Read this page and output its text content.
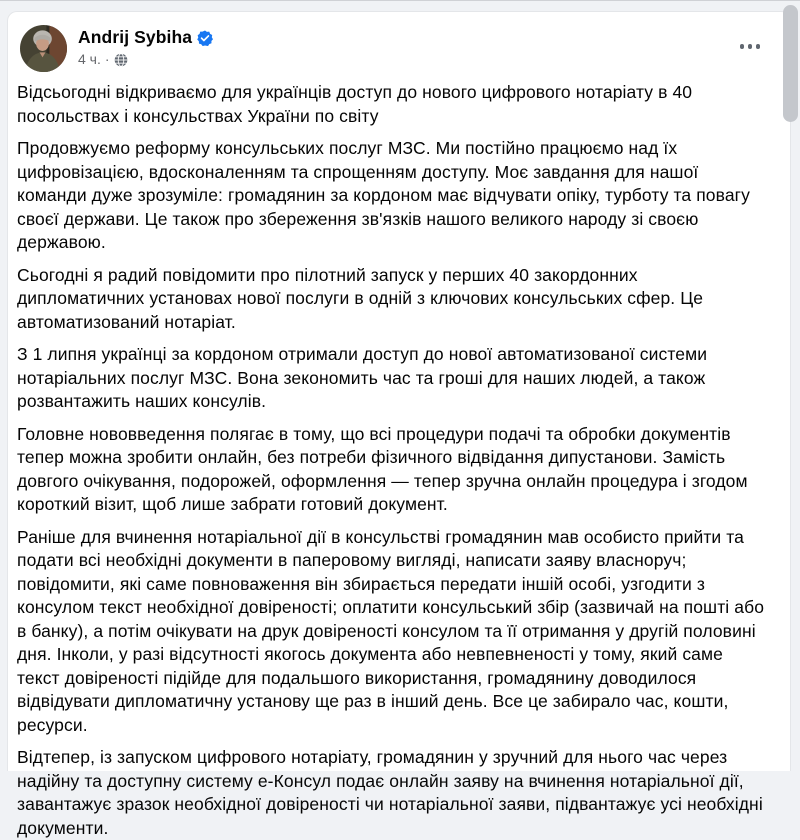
Andrij Sybiha
4 ч. ·

Відсьогодні відкриваємо для українців доступ до нового цифрового нотаріату в 40 посольствах і консульствах України по світу

Продовжуємо реформу консульських послуг МЗС. Ми постійно працюємо над їх цифровізацією, вдосконаленням та спрощенням доступу. Моє завдання для нашої команди дуже зрозуміле: громадянин за кордоном має відчувати опіку, турботу та повагу своєї держави. Це також про збереження зв'язків нашого великого народу зі своєю державою.

Сьогодні я радий повідомити про пілотний запуск у перших 40 закордонних дипломатичних установах нової послуги в одній з ключових консульських сфер. Це автоматизований нотаріат.

З 1 липня українці за кордоном отримали доступ до нової автоматизованої системи нотаріальних послуг МЗС. Вона зекономить час та гроші для наших людей, а також розвантажить наших консулів.

Головне нововведення полягає в тому, що всі процедури подачі та обробки документів тепер можна зробити онлайн, без потреби фізичного відвідання дипустанови. Замість довгого очікування, подорожей, оформлення — тепер зручна онлайн процедура і згодом короткий візит, щоб лише забрати готовий документ.

Раніше для вчинення нотаріальної дії в консульстві громадянин мав особисто прийти та подати всі необхідні документи в паперовому вигляді, написати заяву власноруч; повідомити, які саме повноваження він збирається передати іншій особі, узгодити з консулом текст необхідної довіреності; оплатити консульський збір (зазвичай на пошті або в банку), а потім очікувати на друк довіреності консулом та її отримання у другій половині дня. Інколи, у разі відсутності якогось документа або невпевненості у тому, який саме текст довіреності підійде для подальшого використання, громадянину доводилося відвідувати дипломатичну установу ще раз в інший день. Все це забирало час, кошти, ресурси.

Відтепер, із запуском цифрового нотаріату, громадянин у зручний для нього час через надійну та доступну систему е-Консул подає онлайн заяву на вчинення нотаріальної дії, завантажує зразок необхідної довіреності чи нотаріальної заяви, підвантажує усі необхідні документи.
